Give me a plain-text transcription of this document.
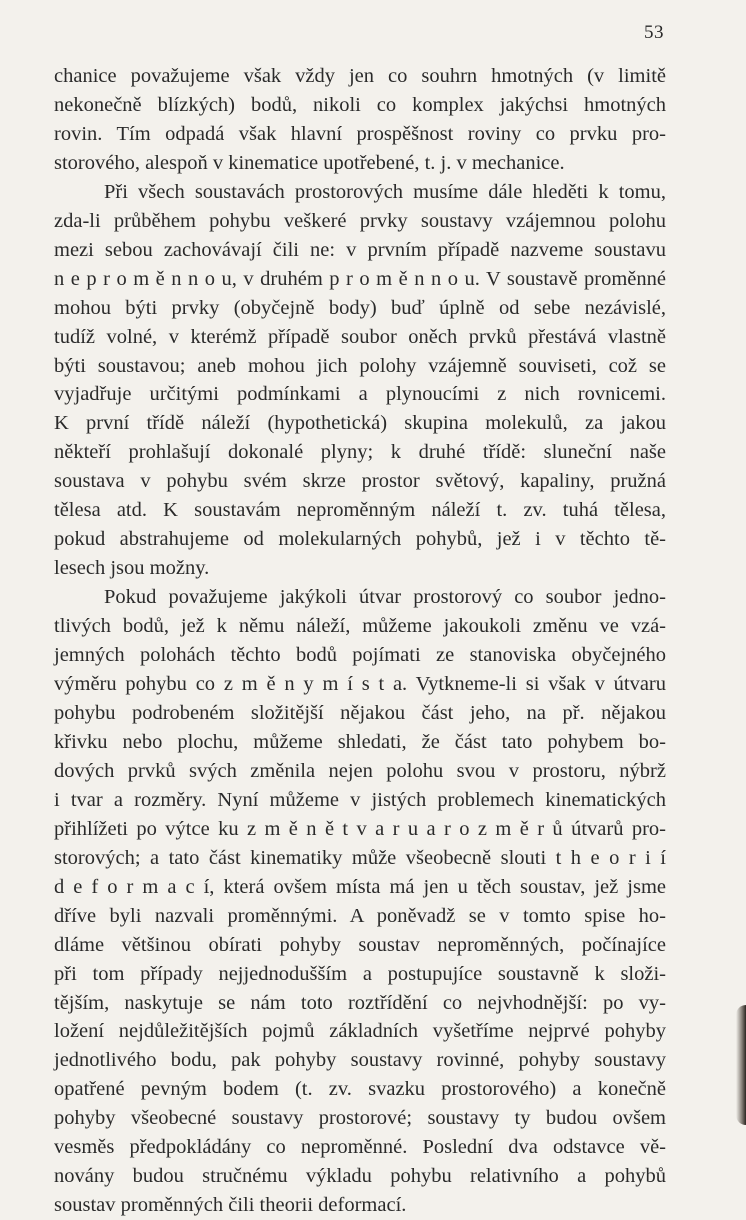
53
chanice považujeme však vždy jen co souhrn hmotných (v limitě
nekonečně blízkých) bodů, nikoli co komplex jakýchsi hmotných
rovin. Tím odpadá však hlavní prospěšnost roviny co prvku pro-
storového, alespoň v kinematice upotřebené, t. j. v mechanice.
Při všech soustavách prostorových musíme dále hleděti k tomu,
zda-li průběhem pohybu veškeré prvky soustavy vzájemnou polohu
mezi sebou zachovávají čili ne: v prvním případě nazveme soustavu
n e p r o m ě n n o u, v druhém p r o m ě n n o u. V soustavě proměnné
mohou býti prvky (obyčejně body) buď úplně od sebe nezávislé,
tudíž volné, v kterémž případě soubor oněch prvků přestává vlastně
býti soustavou; aneb mohou jich polohy vzájemně souviseti, což se
vyjadřuje určitými podmínkami a plynoucími z nich rovnicemi.
K první třídě náleží (hypothetická) skupina molekulů, za jakou
někteří prohlašují dokonalé plyny; k druhé třídě: sluneční naše
soustava v pohybu svém skrze prostor světový, kapaliny, pružná
tělesa atd. K soustavám neproměnným náleží t. zv. tuhá tělesa,
pokud abstrahujeme od molekularných pohybů, jež i v těchto tě-
lesech jsou možny.
Pokud považujeme jakýkoli útvar prostorový co soubor jedno-
tlivých bodů, jež k němu náleží, můžeme jakoukoli změnu ve vzá-
jemných polohách těchto bodů pojímati ze stanoviska obyčejného
výměru pohybu co z m ě n y m í s t a. Vytkneme-li si však v útvaru
pohybu podrobeném složitější nějakou část jeho, na př. nějakou
křivku nebo plochu, můžeme shledati, že část tato pohybem bo-
dových prvků svých změnila nejen polohu svou v prostoru, nýbrž
i tvar a rozměry. Nyní můžeme v jistých problemech kinematických
přihlížeti po výtce ku z m ě n ě t v a r u a r o z m ě r ů útvarů pro-
storových; a tato část kinematiky může všeobecně slouti t h e o r i í
d e f o r m a c í, která ovšem místa má jen u těch soustav, jež jsme
dříve byli nazvali proměnnými. A poněvadž se v tomto spise ho-
dláme většinou obírati pohyby soustav neproměnných, počínajíce
při tom případy nejjednodušším a postupujíce soustavně k složi-
tějším, naskytuje se nám toto roztřídění co nejvhodnější: po vy-
ložení nejdůležitějších pojmů základních vyšetříme nejprvé pohyby
jednotlivého bodu, pak pohyby soustavy rovinné, pohyby soustavy
opatřené pevným bodem (t. zv. svazku prostorového) a konečně
pohyby všeobecné soustavy prostorové; soustavy ty budou ovšem
vesměs předpokládány co neproměnné. Poslední dva odstavce vě-
novány budou stručnému výkladu pohybu relativního a pohybů
soustav proměnných čili theorii deformací.
